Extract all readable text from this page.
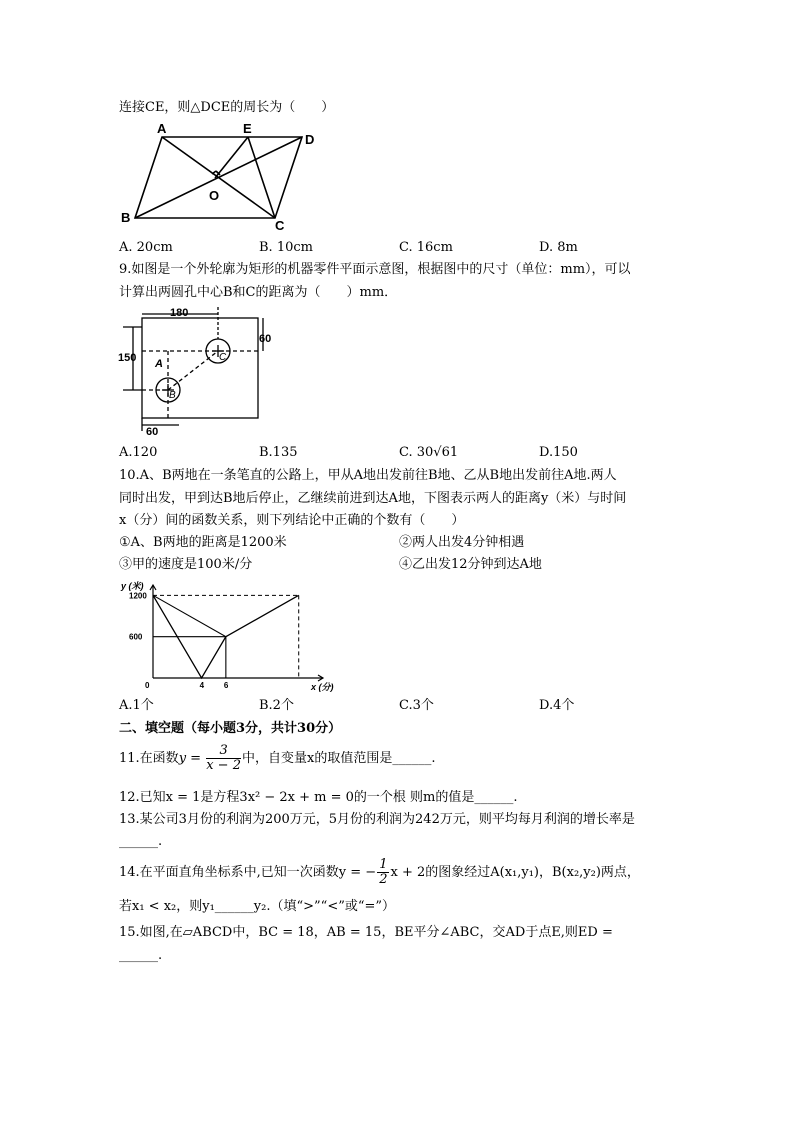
连接CE，则△DCE的周长为（　　）
A	E
D
O
B
C
A. 20cm	B. 10cm	C. 16cm	D. 8m
9.如图是一个外轮廓为矩形的机器零件平面示意图，根据图中的尺寸（单位：mm），可以
计算出两圆孔中心B和C的距离为（　　）mm．
180
150
60
60
A
B
C
A.120	B.135	C. 30√61	D.150
10.A、B两地在一条笔直的公路上，甲从A地出发前往B地、乙从B地出发前往A地.两人
同时出发，甲到达B地后停止，乙继续前进到达A地，下图表示两人的距离y（米）与时间
x（分）间的函数关系，则下列结论中正确的个数有（　　）
①A、B两地的距离是1200米	②两人出发4分钟相遇
③甲的速度是100米/分	④乙出发12分钟到达A地
y (米)
x (分)
600
1200
0	4 6
A.1个	B.2个	C.3个	D.4个
二、填空题（每小题3分，共计30分）
11.在函数$y = \frac{3}{x - 2}$ 中，自变量x的取值范围是______.
12.已知x = 1是方程3x² − 2x + m = 0的一个根 则m的值是______.
13.某公司3月份的利润为200万元，5月份的利润为242万元，则平均每月利润的增长率是
______.
14.在平面直角坐标系中,已知一次函数y = − $\frac{1}{2}$ x + 2的图象经过A(x₁,y₁)，B(x₂,y₂)两点，
若x₁ < x₂，则y₁______y₂.（填“>”“<”或“=”）
15.如图,在▱ABCD中，BC = 18，AB = 15，BE平分∠ABC，交AD于点E,则ED =
______.
